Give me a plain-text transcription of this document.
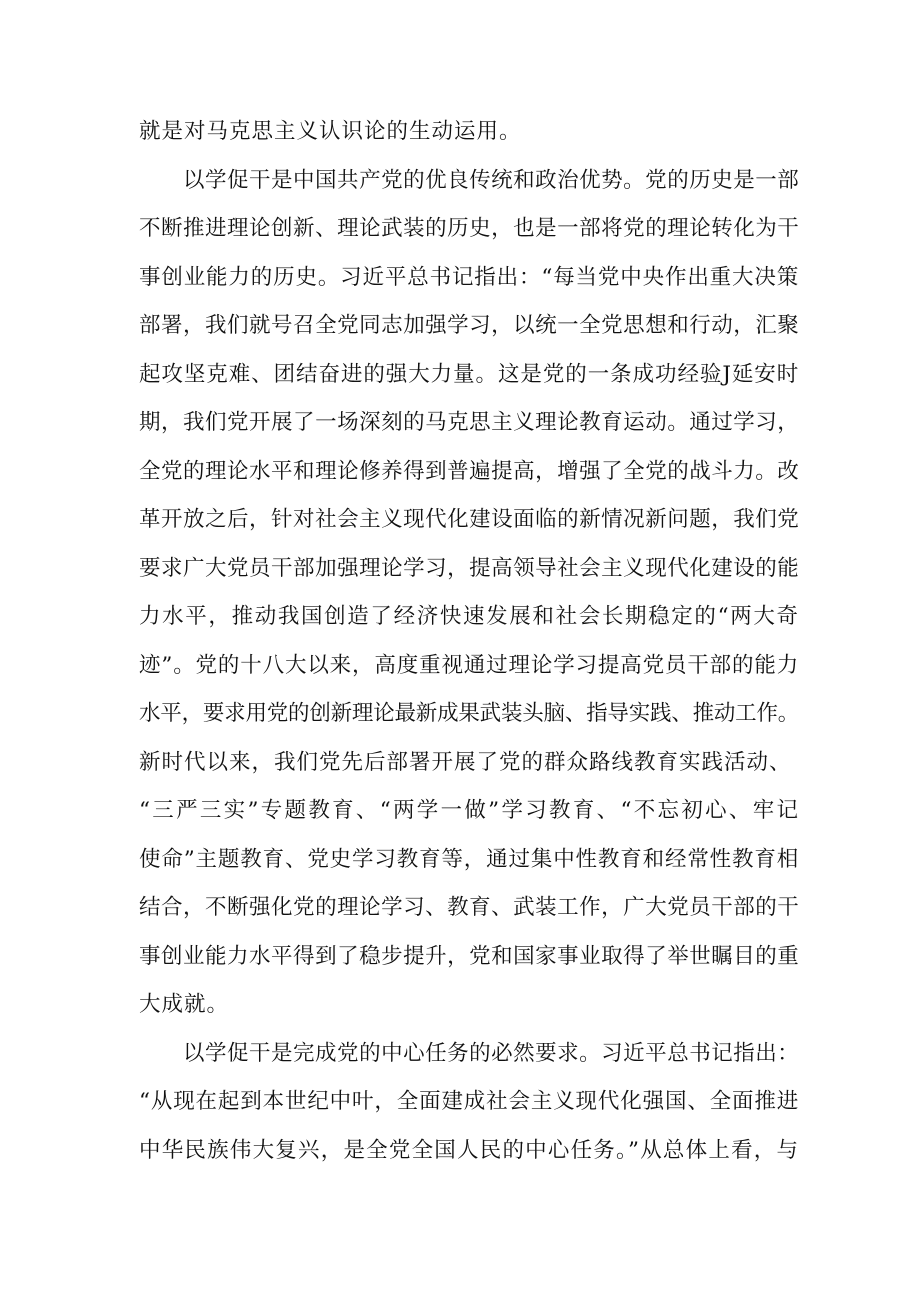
就是对马克思主义认识论的生动运用。
以学促干是中国共产党的优良传统和政治优势。党的历史是一部
不断推进理论创新、理论武装的历史，也是一部将党的理论转化为干
事创业能力的历史。习近平总书记指出：“每当党中央作出重大决策
部署，我们就号召全党同志加强学习，以统一全党思想和行动，汇聚
起攻坚克难、团结奋进的强大力量。这是党的一条成功经验J延安时
期，我们党开展了一场深刻的马克思主义理论教育运动。通过学习，
全党的理论水平和理论修养得到普遍提高，增强了全党的战斗力。改
革开放之后，针对社会主义现代化建设面临的新情况新问题，我们党
要求广大党员干部加强理论学习，提高领导社会主义现代化建设的能
力水平，推动我国创造了经济快速发展和社会长期稳定的“两大奇
迹”。党的十八大以来，高度重视通过理论学习提高党员干部的能力
水平，要求用党的创新理论最新成果武装头脑、指导实践、推动工作。
新时代以来，我们党先后部署开展了党的群众路线教育实践活动、
“三严三实”专题教育、“两学一做”学习教育、“不忘初心、牢记
使命”主题教育、党史学习教育等，通过集中性教育和经常性教育相
结合，不断强化党的理论学习、教育、武装工作，广大党员干部的干
事创业能力水平得到了稳步提升，党和国家事业取得了举世瞩目的重
大成就。
以学促干是完成党的中心任务的必然要求。习近平总书记指出：
“从现在起到本世纪中叶，全面建成社会主义现代化强国、全面推进
中华民族伟大复兴，是全党全国人民的中心任务。”从总体上看，与
